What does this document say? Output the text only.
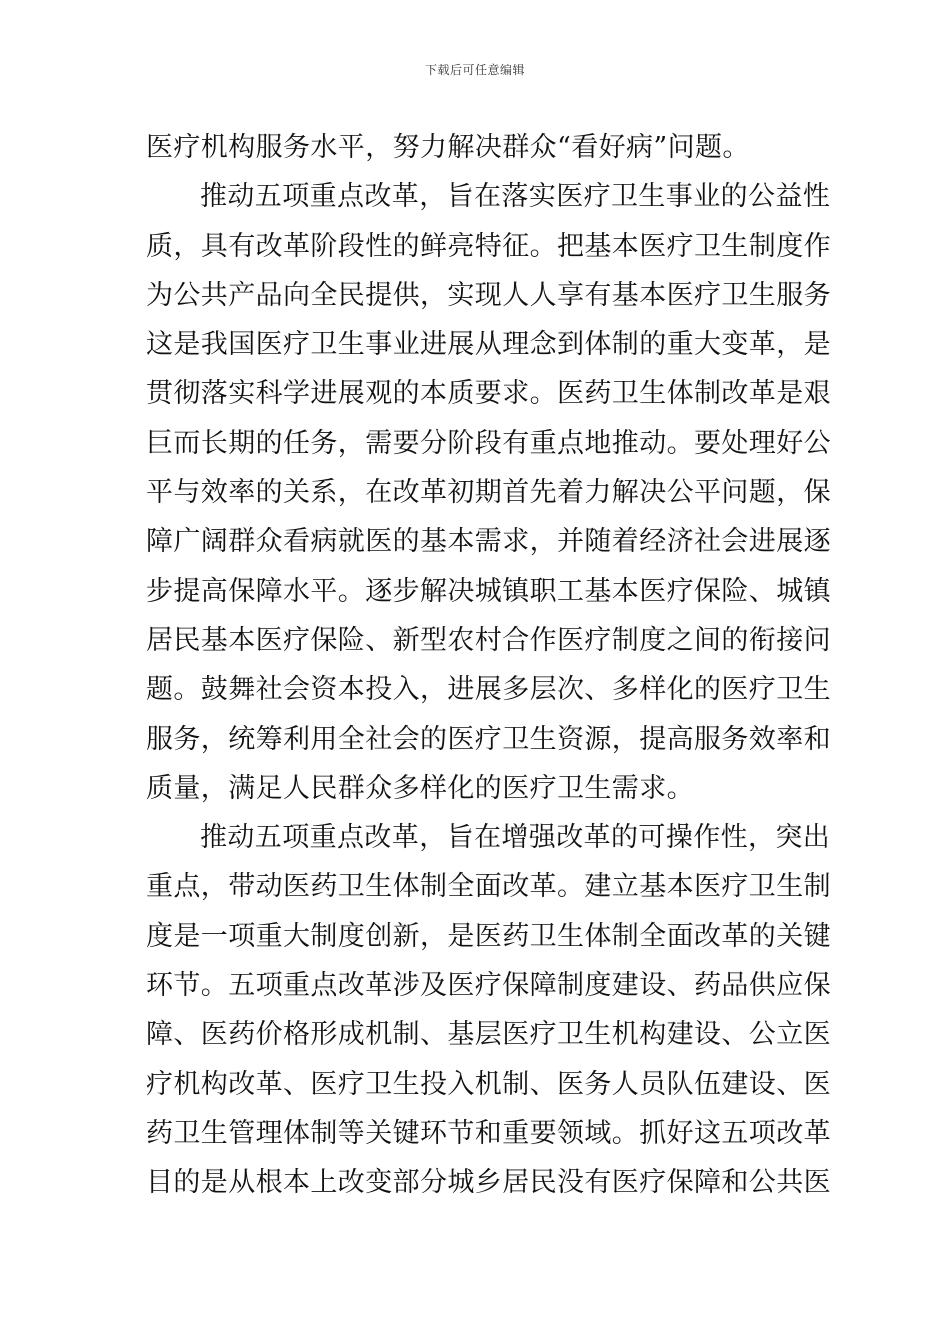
下载后可任意编辑
医疗机构服务水平，努力解决群众“看好病”问题。
推动五项重点改革，旨在落实医疗卫生事业的公益性
质，具有改革阶段性的鲜亮特征。把基本医疗卫生制度作
为公共产品向全民提供，实现人人享有基本医疗卫生服务
这是我国医疗卫生事业进展从理念到体制的重大变革，是
贯彻落实科学进展观的本质要求。医药卫生体制改革是艰
巨而长期的任务，需要分阶段有重点地推动。要处理好公
平与效率的关系，在改革初期首先着力解决公平问题，保
障广阔群众看病就医的基本需求，并随着经济社会进展逐
步提高保障水平。逐步解决城镇职工基本医疗保险、城镇
居民基本医疗保险、新型农村合作医疗制度之间的衔接问
题。鼓舞社会资本投入，进展多层次、多样化的医疗卫生
服务，统筹利用全社会的医疗卫生资源，提高服务效率和
质量，满足人民群众多样化的医疗卫生需求。
推动五项重点改革，旨在增强改革的可操作性，突出
重点，带动医药卫生体制全面改革。建立基本医疗卫生制
度是一项重大制度创新，是医药卫生体制全面改革的关键
环节。五项重点改革涉及医疗保障制度建设、药品供应保
障、医药价格形成机制、基层医疗卫生机构建设、公立医
疗机构改革、医疗卫生投入机制、医务人员队伍建设、医
药卫生管理体制等关键环节和重要领域。抓好这五项改革
目的是从根本上改变部分城乡居民没有医疗保障和公共医
